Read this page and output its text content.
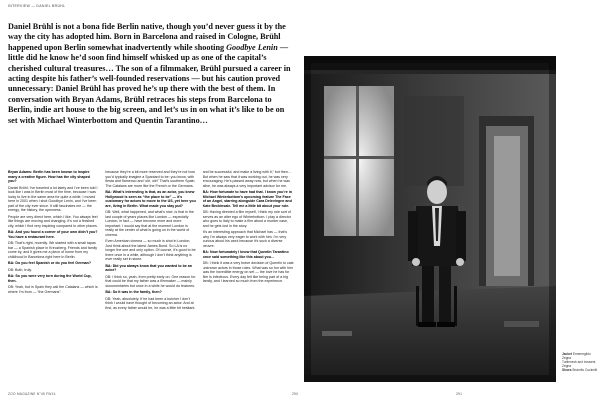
INTERVIEW — DANIEL BRÜHL

Daniel Brühl is not a bona fide Berlin native, though you’d never guess it by the way the city has adopted him. Born in Barcelona and raised in Cologne, Brühl happened upon Berlin somewhat inadvertently while shooting Goodbye Lenin — little did he know he’d soon find himself whisked up as one of the capital’s cherished cultural treasures… The son of a filmmaker, Brühl pursued a career in acting despite his father’s well-founded reservations — but his caution proved unnecessary: Daniel Brühl has proved he’s up there with the best of them. In conversation with Bryan Adams, Brühl retraces his steps from Barcelona to Berlin, indie art house to the big screen, and let’s us in on what it’s like to be on set with Michael Winterbottom and Quentin Tarantino…

Bryan Adams: Berlin has been known to inspire many a creative figure. How has the city shaped you?

Daniel Brühl: I’ve traveled a lot lately and I’ve been told I look like I was in Berlin most of the time, because I was lucky to live in the same area for quite a while. I moved here in 2001 when I shot Goodbye Lenin, and I’ve been part of the city ever since. It still fascinates me — the energy, the history, the openness.

People are very direct here, which I like. You always feel like things are moving and changing. It’s not a finished city, which I find very inspiring compared to other places.

BA: And you found a corner of your own didn’t you? You have a restaurant here.

DB: That’s right, recently. We started with a small tapas bar — a Spanish place in Kreuzberg. Friends and family come by, and it gives me a piece of home from my childhood in Barcelona right here in Berlin.

BA: Do you feel Spanish or do you feel German?

DB: Both, truly.

BA: So you were very torn during the World Cup, then.

DB: Yeah, but in Spain they call the Catalans — which is where I’m from — “the Germans”.

because they’re a bit more reserved and they’re not how you’d typically imagine a Spaniard to be: you know, with fiesta and flamenco and ‘olé, olé!’ That’s southern Spain. The Catalans are more like the French or the Germans.

BA: What’s interesting is that, as an actor, you knew Hollywood is seen as “the place to be” — it’s customary for actors to move to the US, yet here you are, living in Berlin. What made you stay put?

DB: Well, what happened, and what’s nice, is that in the last couple of years places like London — especially London, in fact — have become more and more important. I would say that at the moment London is really at the center of what is going on in the world of cinema.

Even American cinema — so much is shot in London. Just think about the latest James Bond. So LA is no longer the one and only option. Of course, it’s good to be there once in a while, although I don’t think anything is ever really set in stone.

BA: Did you always know that you wanted to be an actor?

DB: I think so, yeah, from pretty early on. One reason for that could be that my father was a filmmaker — mainly documentaries but once in a while he would do features.

BA: So it was in the family, then?

DB: Yeah, absolutely. If he had been a butcher I don’t think I would have thought of becoming an actor. And at first, as every father would be, he was a little bit hesitant.

and be successful, and make a living with it,” but then... But when he saw that it was working out, he was very encouraging. He’s passed away now, but when he was alive, he was always a very important advisor for me.

BA: How fortunate to have had that. I know you’re in Michael Winterbottom’s upcoming feature The Face of an Angel, starring alongside Cara Delevingne and Kate Beckinsale. Tell me a little bit about your role.

DB: Having directed a film myself, I think my role sort of serves as an alter ego of Winterbottom. I play a director who goes to Italy to make a film about a murder case, and he gets lost in the story.

It’s an interesting approach that Michael has — that’s why I’m always very eager to work with him. I’m very curious about his work because it’s such a diverse oeuvre.

BA: Now fortunately I know that Quentin Tarantino once said something like this about you...

DB: I think it was a very brave decision of Quentin to cast unknown actors in those roles. What was so fun with him was the incredible energy on set — the love he has for film is infectious. Every day felt like being part of a big family, and I learned so much from the experience.

ZOO MAGAZINE N°45 FW14	290	291
Jacket Ermenegildo Zegna
Turtleneck and trousers
Zegna
Shoes Brunello Cucinelli
